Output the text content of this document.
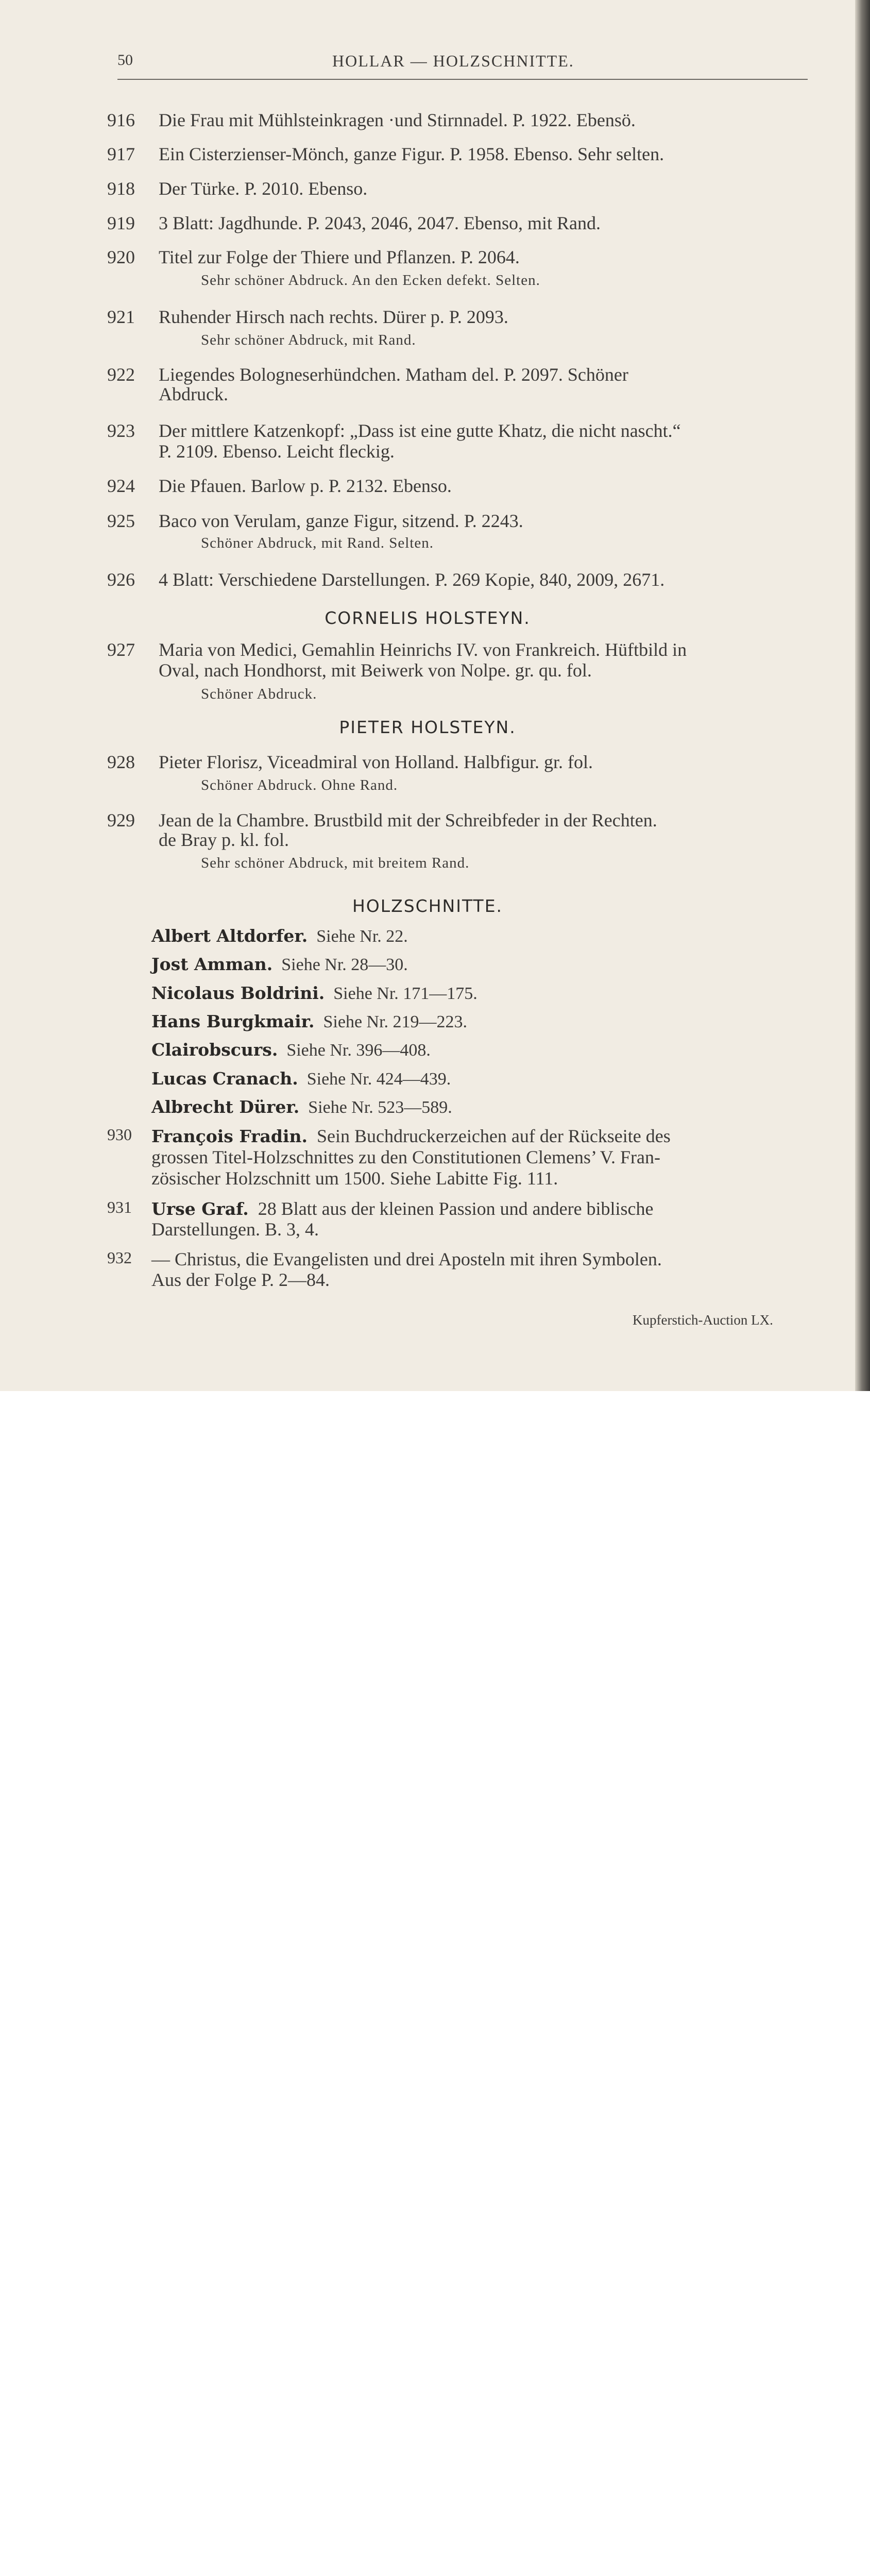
50	HOLLAR — HOLZSCHNITTE.
916 Die Frau mit Mühlsteinkragen ·und Stirnnadel. P. 1922. Ebensö.
917 Ein Cisterzienser-Mönch, ganze Figur. P. 1958. Ebenso. Sehr selten.
918 Der Türke. P. 2010. Ebenso.
919 3 Blatt: Jagdhunde. P. 2043, 2046, 2047. Ebenso, mit Rand.
920 Titel zur Folge der Thiere und Pflanzen. P. 2064.
Sehr schöner Abdruck. An den Ecken defekt. Selten.
921 Ruhender Hirsch nach rechts. Dürer p. P. 2093.
Sehr schöner Abdruck, mit Rand.
922 Liegendes Bologneserhündchen. Matham del. P. 2097. Schöner
Abdruck.
923 Der mittlere Katzenkopf: „Dass ist eine gutte Khatz, die nicht nascht.“
P. 2109. Ebenso. Leicht fleckig.
924 Die Pfauen. Barlow p. P. 2132. Ebenso.
925 Baco von Verulam, ganze Figur, sitzend. P. 2243.
Schöner Abdruck, mit Rand. Selten.
926 4 Blatt: Verschiedene Darstellungen. P. 269 Kopie, 840, 2009, 2671.
CORNELIS HOLSTEYN.
927 Maria von Medici, Gemahlin Heinrichs IV. von Frankreich. Hüftbild in
Oval, nach Hondhorst, mit Beiwerk von Nolpe. gr. qu. fol.
Schöner Abdruck.
PIETER HOLSTEYN.
928 Pieter Florisz, Viceadmiral von Holland. Halbfigur. gr. fol.
Schöner Abdruck. Ohne Rand.
929 Jean de la Chambre. Brustbild mit der Schreibfeder in der Rechten.
de Bray p. kl. fol.
Sehr schöner Abdruck, mit breitem Rand.
HOLZSCHNITTE.
Albert Altdorfer. Siehe Nr. 22.
Jost Amman. Siehe Nr. 28—30.
Nicolaus Boldrini. Siehe Nr. 171—175.
Hans Burgkmair. Siehe Nr. 219—223.
Clairobscurs. Siehe Nr. 396—408.
Lucas Cranach. Siehe Nr. 424—439.
Albrecht Dürer. Siehe Nr. 523—589.
930 François Fradin. Sein Buchdruckerzeichen auf der Rückseite des
grossen Titel-Holzschnittes zu den Constitutionen Clemens’ V. Fran-
zösischer Holzschnitt um 1500. Siehe Labitte Fig. 111.
931 Urse Graf. 28 Blatt aus der kleinen Passion und andere biblische
Darstellungen. B. 3, 4.
932 — Christus, die Evangelisten und drei Aposteln mit ihren Symbolen.
Aus der Folge P. 2—84.
Kupferstich-Auction LX.
